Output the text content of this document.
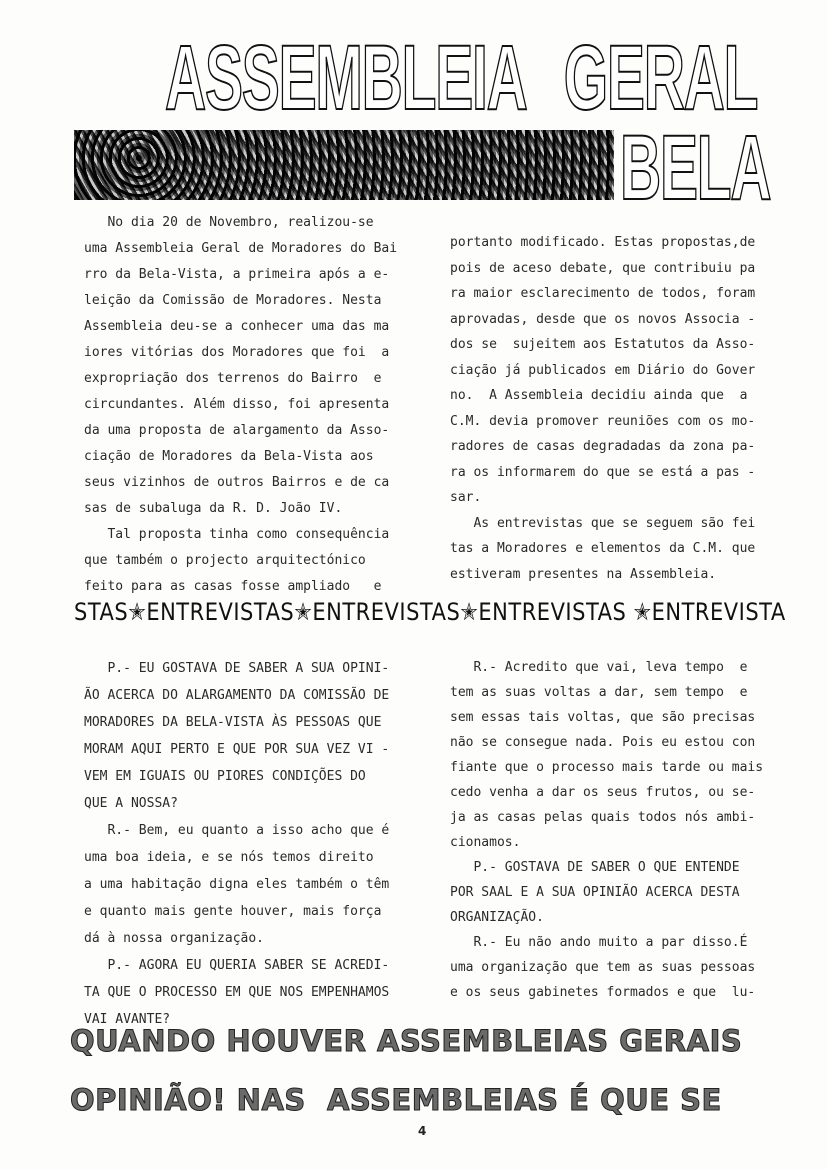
ASSEMBLEIA GERAL
BELA

No dia 20 de Novembro, realizou-se

uma Assembleia Geral de Moradores do Bai

rro da Bela-Vista, a primeira após a e-

leição da Comissão de Moradores. Nesta

Assembleia deu-se a conhecer uma das ma

iores vitórias dos Moradores que foi  a

expropriação dos terrenos do Bairro  e

circundantes. Além disso, foi apresenta

da uma proposta de alargamento da Asso-

ciação de Moradores da Bela-Vista aos

seus vizinhos de outros Bairros e de ca

sas de subaluga da R. D. João IV.

Tal proposta tinha como consequência

que também o projecto arquitectónico

feito para as casas fosse ampliado   e

portanto modificado. Estas propostas,de

pois de aceso debate, que contribuiu pa

ra maior esclarecimento de todos, foram

aprovadas, desde que os novos Associa -

dos se  sujeitem aos Estatutos da Asso-

ciação já publicados em Diário do Gover

no.  A Assembleia decidiu ainda que  a

C.M. devia promover reuniões com os mo-

radores de casas degradadas da zona pa-

ra os informarem do que se está a pas -

sar.

As entrevistas que se seguem são fei

tas a Moradores e elementos da C.M. que

estiveram presentes na Assembleia.

STAS✭ENTREVISTAS✭ENTREVISTAS✭ENTREVISTAS ✭ENTREVISTA

P.- EU GOSTAVA DE SABER A SUA OPINI-

ÃO ACERCA DO ALARGAMENTO DA COMISSÃO DE

MORADORES DA BELA-VISTA ÀS PESSOAS QUE

MORAM AQUI PERTO E QUE POR SUA VEZ VI -

VEM EM IGUAIS OU PIORES CONDIÇÕES DO

QUE A NOSSA?

R.- Bem, eu quanto a isso acho que é

uma boa ideia, e se nós temos direito

a uma habitação digna eles também o têm

e quanto mais gente houver, mais força

dá à nossa organização.

P.- AGORA EU QUERIA SABER SE ACREDI-

TA QUE O PROCESSO EM QUE NOS EMPENHAMOS

VAI AVANTE?

R.- Acredito que vai, leva tempo  e

tem as suas voltas a dar, sem tempo  e

sem essas tais voltas, que são precisas

não se consegue nada. Pois eu estou con

fiante que o processo mais tarde ou mais

cedo venha a dar os seus frutos, ou se-

ja as casas pelas quais todos nós ambi-

cionamos.

P.- GOSTAVA DE SABER O QUE ENTENDE

POR SAAL E A SUA OPINIÃO ACERCA DESTA

ORGANIZAÇÃO.

R.- Eu não ando muito a par disso.É

uma organização que tem as suas pessoas

e os seus gabinetes formados e que  lu-

QUANDO HOUVER ASSEMBLEIAS GERAIS
OPINIÃO! NAS  ASSEMBLEIAS É QUE SE
4
